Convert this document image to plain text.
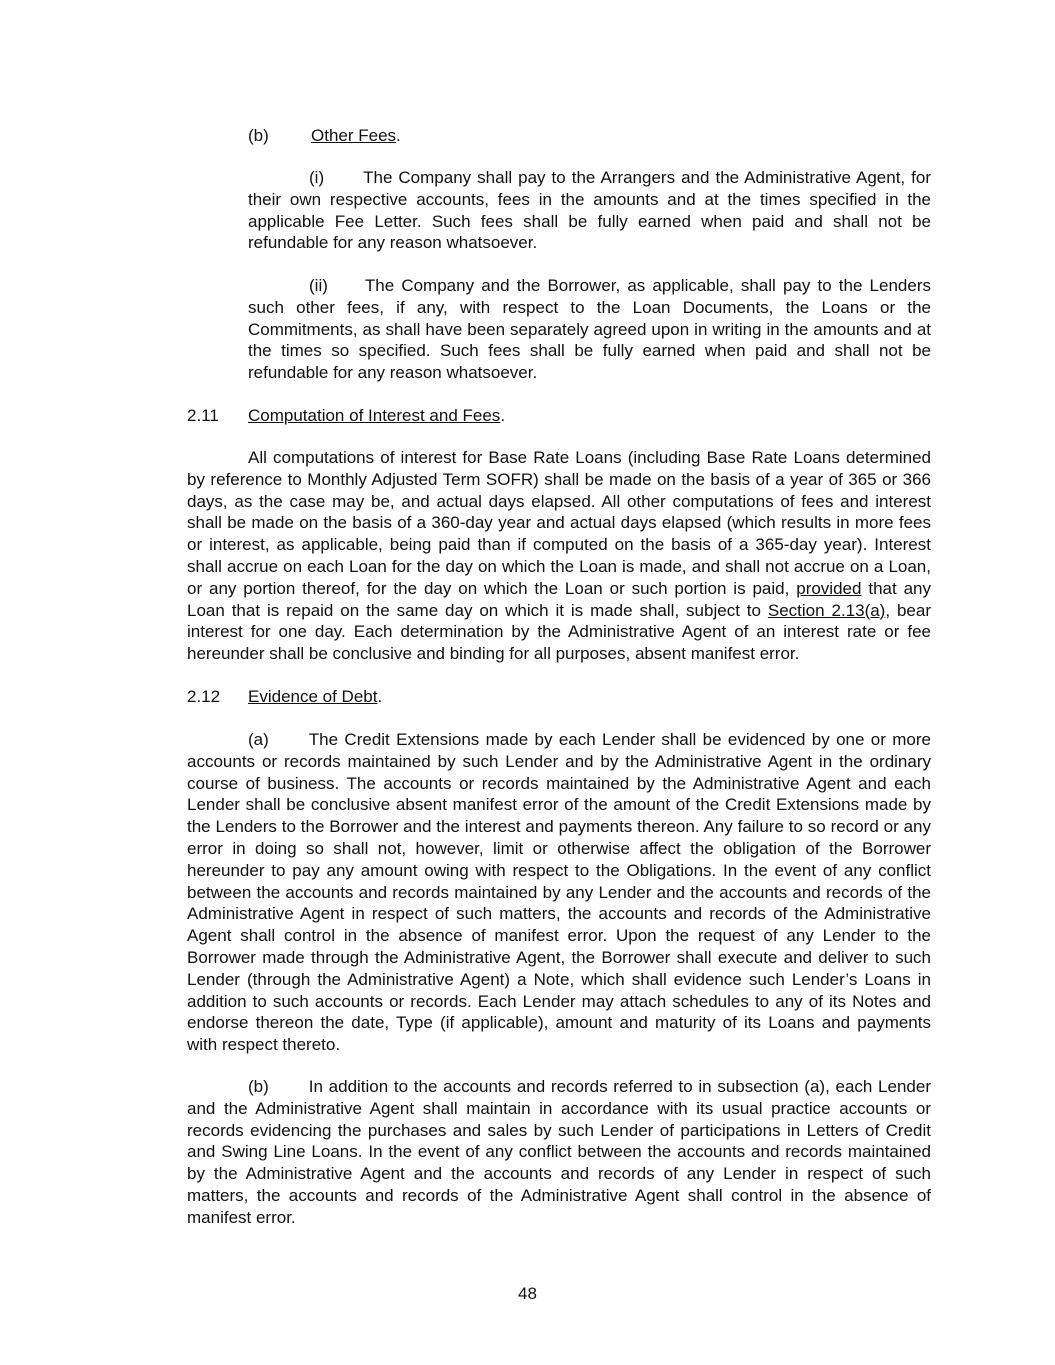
(b) Other Fees.

(i) The Company shall pay to the Arrangers and the Administrative Agent, for their own respective accounts, fees in the amounts and at the times specified in the applicable Fee Letter. Such fees shall be fully earned when paid and shall not be refundable for any reason whatsoever.

(ii) The Company and the Borrower, as applicable, shall pay to the Lenders such other fees, if any, with respect to the Loan Documents, the Loans or the Commitments, as shall have been separately agreed upon in writing in the amounts and at the times so specified. Such fees shall be fully earned when paid and shall not be refundable for any reason whatsoever.

2.11 Computation of Interest and Fees.

All computations of interest for Base Rate Loans (including Base Rate Loans determined by reference to Monthly Adjusted Term SOFR) shall be made on the basis of a year of 365 or 366 days, as the case may be, and actual days elapsed. All other computations of fees and interest shall be made on the basis of a 360-day year and actual days elapsed (which results in more fees or interest, as applicable, being paid than if computed on the basis of a 365-day year). Interest shall accrue on each Loan for the day on which the Loan is made, and shall not accrue on a Loan, or any portion thereof, for the day on which the Loan or such portion is paid, provided that any Loan that is repaid on the same day on which it is made shall, subject to Section 2.13(a), bear interest for one day. Each determination by the Administrative Agent of an interest rate or fee hereunder shall be conclusive and binding for all purposes, absent manifest error.

2.12 Evidence of Debt.

(a) The Credit Extensions made by each Lender shall be evidenced by one or more accounts or records maintained by such Lender and by the Administrative Agent in the ordinary course of business. The accounts or records maintained by the Administrative Agent and each Lender shall be conclusive absent manifest error of the amount of the Credit Extensions made by the Lenders to the Borrower and the interest and payments thereon. Any failure to so record or any error in doing so shall not, however, limit or otherwise affect the obligation of the Borrower hereunder to pay any amount owing with respect to the Obligations. In the event of any conflict between the accounts and records maintained by any Lender and the accounts and records of the Administrative Agent in respect of such matters, the accounts and records of the Administrative Agent shall control in the absence of manifest error. Upon the request of any Lender to the Borrower made through the Administrative Agent, the Borrower shall execute and deliver to such Lender (through the Administrative Agent) a Note, which shall evidence such Lender’s Loans in addition to such accounts or records. Each Lender may attach schedules to any of its Notes and endorse thereon the date, Type (if applicable), amount and maturity of its Loans and payments with respect thereto.

(b) In addition to the accounts and records referred to in subsection (a), each Lender and the Administrative Agent shall maintain in accordance with its usual practice accounts or records evidencing the purchases and sales by such Lender of participations in Letters of Credit and Swing Line Loans. In the event of any conflict between the accounts and records maintained by the Administrative Agent and the accounts and records of any Lender in respect of such matters, the accounts and records of the Administrative Agent shall control in the absence of manifest error.

48
